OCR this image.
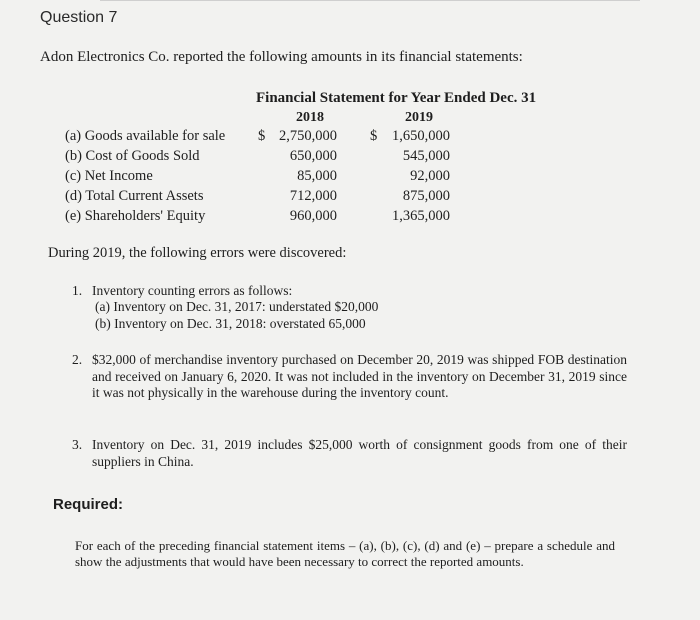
Question 7
Adon Electronics Co. reported the following amounts in its financial statements:
Financial Statement for Year Ended Dec. 31
2018	2019
(a) Goods available for sale $ 2,750,000 $ 1,650,000
(b) Cost of Goods Sold	650,000	545,000
(c) Net Income	85,000	92,000
(d) Total Current Assets	712,000	875,000
(e) Shareholders' Equity	960,000	1,365,000
During 2019, the following errors were discovered:
1. Inventory counting errors as follows:
(a) Inventory on Dec. 31, 2017: understated $20,000
(b) Inventory on Dec. 31, 2018: overstated 65,000
2. $32,000 of merchandise inventory purchased on December 20, 2019 was shipped FOB destination and received on January 6, 2020. It was not included in the inventory on December 31, 2019 since it was not physically in the warehouse during the inventory count.
3. Inventory on Dec. 31, 2019 includes $25,000 worth of consignment goods from one of their suppliers in China.
Required:
For each of the preceding financial statement items – (a), (b), (c), (d) and (e) – prepare a schedule and show the adjustments that would have been necessary to correct the reported amounts.
